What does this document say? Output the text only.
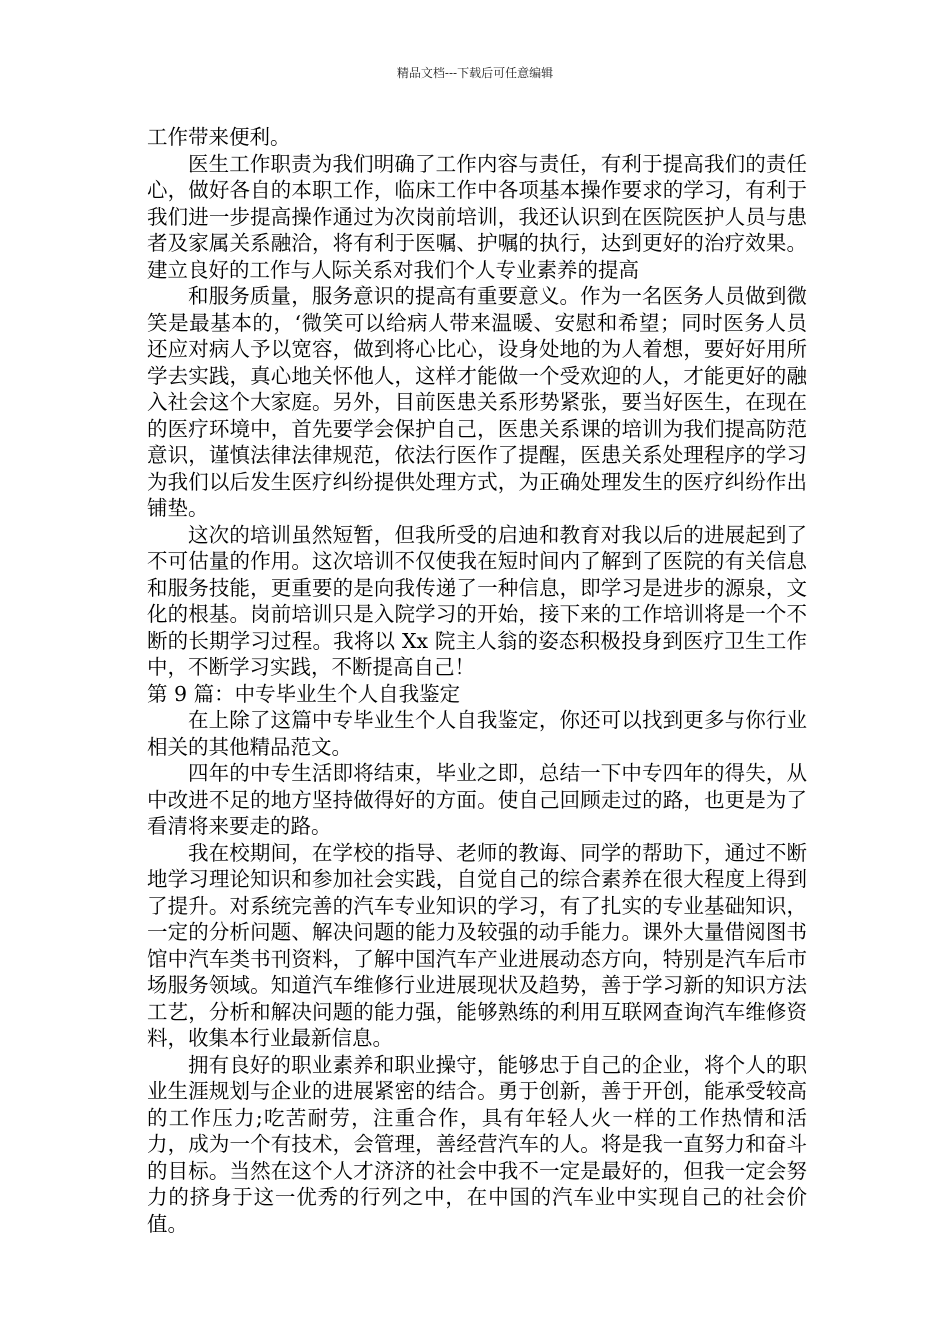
精品文档---下载后可任意编辑

工作带来便利。

医生工作职责为我们明确了工作内容与责任，有利于提高我们的责任心，做好各自的本职工作，临床工作中各项基本操作要求的学习，有利于我们进一步提高操作通过为次岗前培训，我还认识到在医院医护人员与患者及家属关系融洽，将有利于医嘱、护嘱的执行，达到更好的治疗效果。建立良好的工作与人际关系对我们个人专业素养的提高

和服务质量，服务意识的提高有重要意义。作为一名医务人员做到微笑是最基本的，‘微笑可以给病人带来温暖、安慰和希望；同时医务人员还应对病人予以宽容，做到将心比心，设身处地的为人着想，要好好用所学去实践，真心地关怀他人，这样才能做一个受欢迎的人，才能更好的融入社会这个大家庭。另外，目前医患关系形势紧张，要当好医生，在现在的医疗环境中，首先要学会保护自己，医患关系课的培训为我们提高防范意识，谨慎法律法律规范，依法行医作了提醒，医患关系处理程序的学习为我们以后发生医疗纠纷提供处理方式，为正确处理发生的医疗纠纷作出铺垫。

这次的培训虽然短暂，但我所受的启迪和教育对我以后的进展起到了不可估量的作用。这次培训不仅使我在短时间内了解到了医院的有关信息和服务技能，更重要的是向我传递了一种信息，即学习是进步的源泉，文化的根基。岗前培训只是入院学习的开始，接下来的工作培训将是一个不断的长期学习过程。我将以 Xx 院主人翁的姿态积极投身到医疗卫生工作中，不断学习实践，不断提高自己！

第 9 篇：中专毕业生个人自我鉴定

在上除了这篇中专毕业生个人自我鉴定，你还可以找到更多与你行业相关的其他精品范文。

四年的中专生活即将结束，毕业之即，总结一下中专四年的得失，从中改进不足的地方坚持做得好的方面。使自己回顾走过的路，也更是为了看清将来要走的路。

我在校期间，在学校的指导、老师的教诲、同学的帮助下，通过不断地学习理论知识和参加社会实践，自觉自己的综合素养在很大程度上得到了提升。对系统完善的汽车专业知识的学习，有了扎实的专业基础知识，一定的分析问题、解决问题的能力及较强的动手能力。课外大量借阅图书馆中汽车类书刊资料，了解中国汽车产业进展动态方向，特别是汽车后市场服务领域。知道汽车维修行业进展现状及趋势，善于学习新的知识方法工艺，分析和解决问题的能力强，能够熟练的利用互联网查询汽车维修资料，收集本行业最新信息。

拥有良好的职业素养和职业操守，能够忠于自己的企业，将个人的职业生涯规划与企业的进展紧密的结合。勇于创新，善于开创，能承受较高的工作压力;吃苦耐劳，注重合作，具有年轻人火一样的工作热情和活力，成为一个有技术，会管理，善经营汽车的人。将是我一直努力和奋斗的目标。当然在这个人才济济的社会中我不一定是最好的，但我一定会努力的挤身于这一优秀的行列之中，在中国的汽车业中实现自己的社会价值。
